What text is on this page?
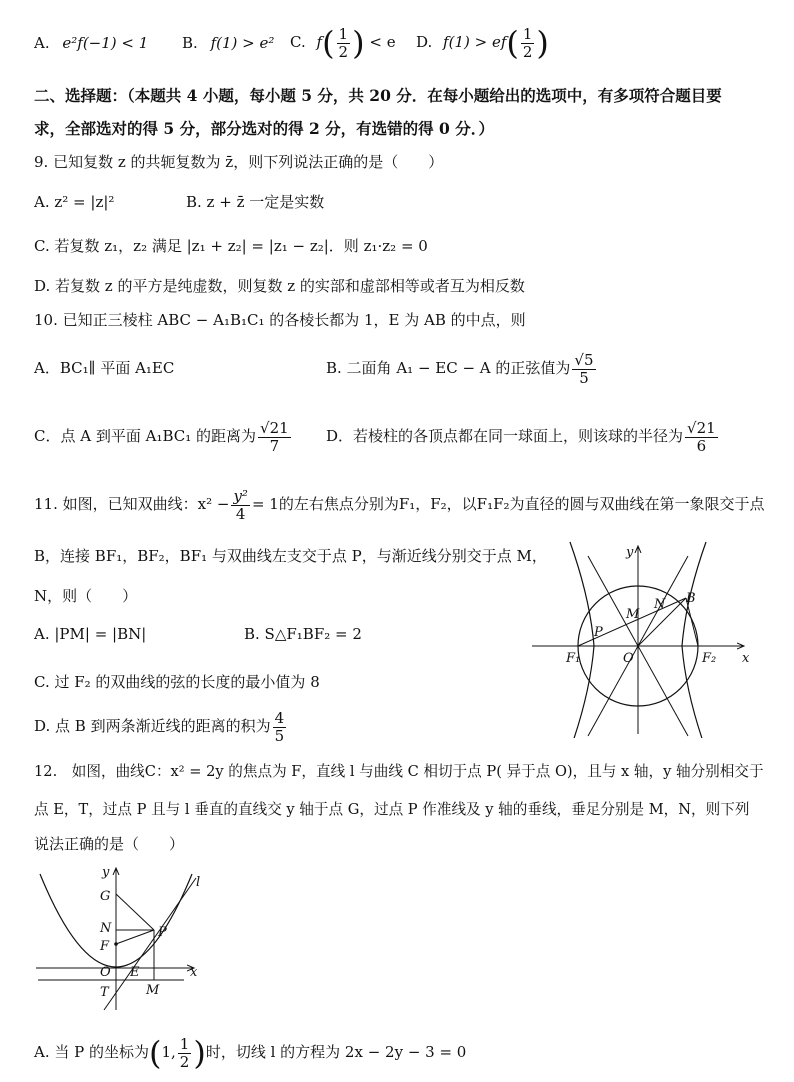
A. e²f(−1) < 1 B. f(1) > e² C. $f( \frac{1}{2}$ ) < e D. $f(1) > ef( \frac{1}{2}$ )
二、选择题：（本题共 4 小题，每小题 5 分，共 20 分．在每小题给出的选项中，有多项符合题目要
求，全部选对的得 5 分，部分选对的得 2 分，有选错的得 0 分．）
9. 已知复数 z 的共轭复数为 z̄，则下列说法正确的是（　　）
A. z² = |z|²	B. z + z̄ 一定是实数
C. 若复数 z₁，z₂ 满足 |z₁ + z₂| = |z₁ − z₂|．则 z₁·z₂ = 0
D. 若复数 z 的平方是纯虚数，则复数 z 的实部和虚部相等或者互为相反数
10. 已知正三棱柱 ABC − A₁B₁C₁ 的各棱长都为 1，E 为 AB 的中点，则
A．BC₁∥ 平面 A₁EC	B. 二面角 A₁ − EC − A 的正弦值为 $\frac{√5}{5}$
C．点 A 到平面 A₁BC₁ 的距离为 $\frac{√21}{7}$ D．若棱柱的各顶点都在同一球面上，则该球的半径为 $\frac{√21}{6}$
11. 如图，已知双曲线：$x^2 - \frac{\text{y²}}{4} = 1$的左右焦点分别为F₁，F₂，以F₁F₂为直径的圆与双曲线在第一象限交于点
B，连接 BF₁，BF₂，BF₁ 与双曲线左支交于点 P，与渐近线分别交于点 M，
N，则（　　）
A. |PM| = |BN|	B. S△F₁BF₂ = 2
C. 过 F₂ 的双曲线的弦的长度的最小值为 8
D. 点 B 到两条渐近线的距离的积为 $\frac{4}{5}$
y
x
O
F₁	F₂
P
M
N B
12.　如图，曲线C：x² = 2y 的焦点为 F，直线 l 与曲线 C 相切于点 P( 异于点 O)，且与 x 轴，y 轴分别相交于
点 E，T，过点 P 且与 l 垂直的直线交 y 轴于点 G，过点 P 作准线及 y 轴的垂线，垂足分别是 M，N，则下列
说法正确的是（　　）
y
l
G
N	P
F
O E	x
T	M
A. 当 P 的坐标为(1, $\frac{1}{2}$ )时，切线 l 的方程为 2x − 2y − 3 = 0
